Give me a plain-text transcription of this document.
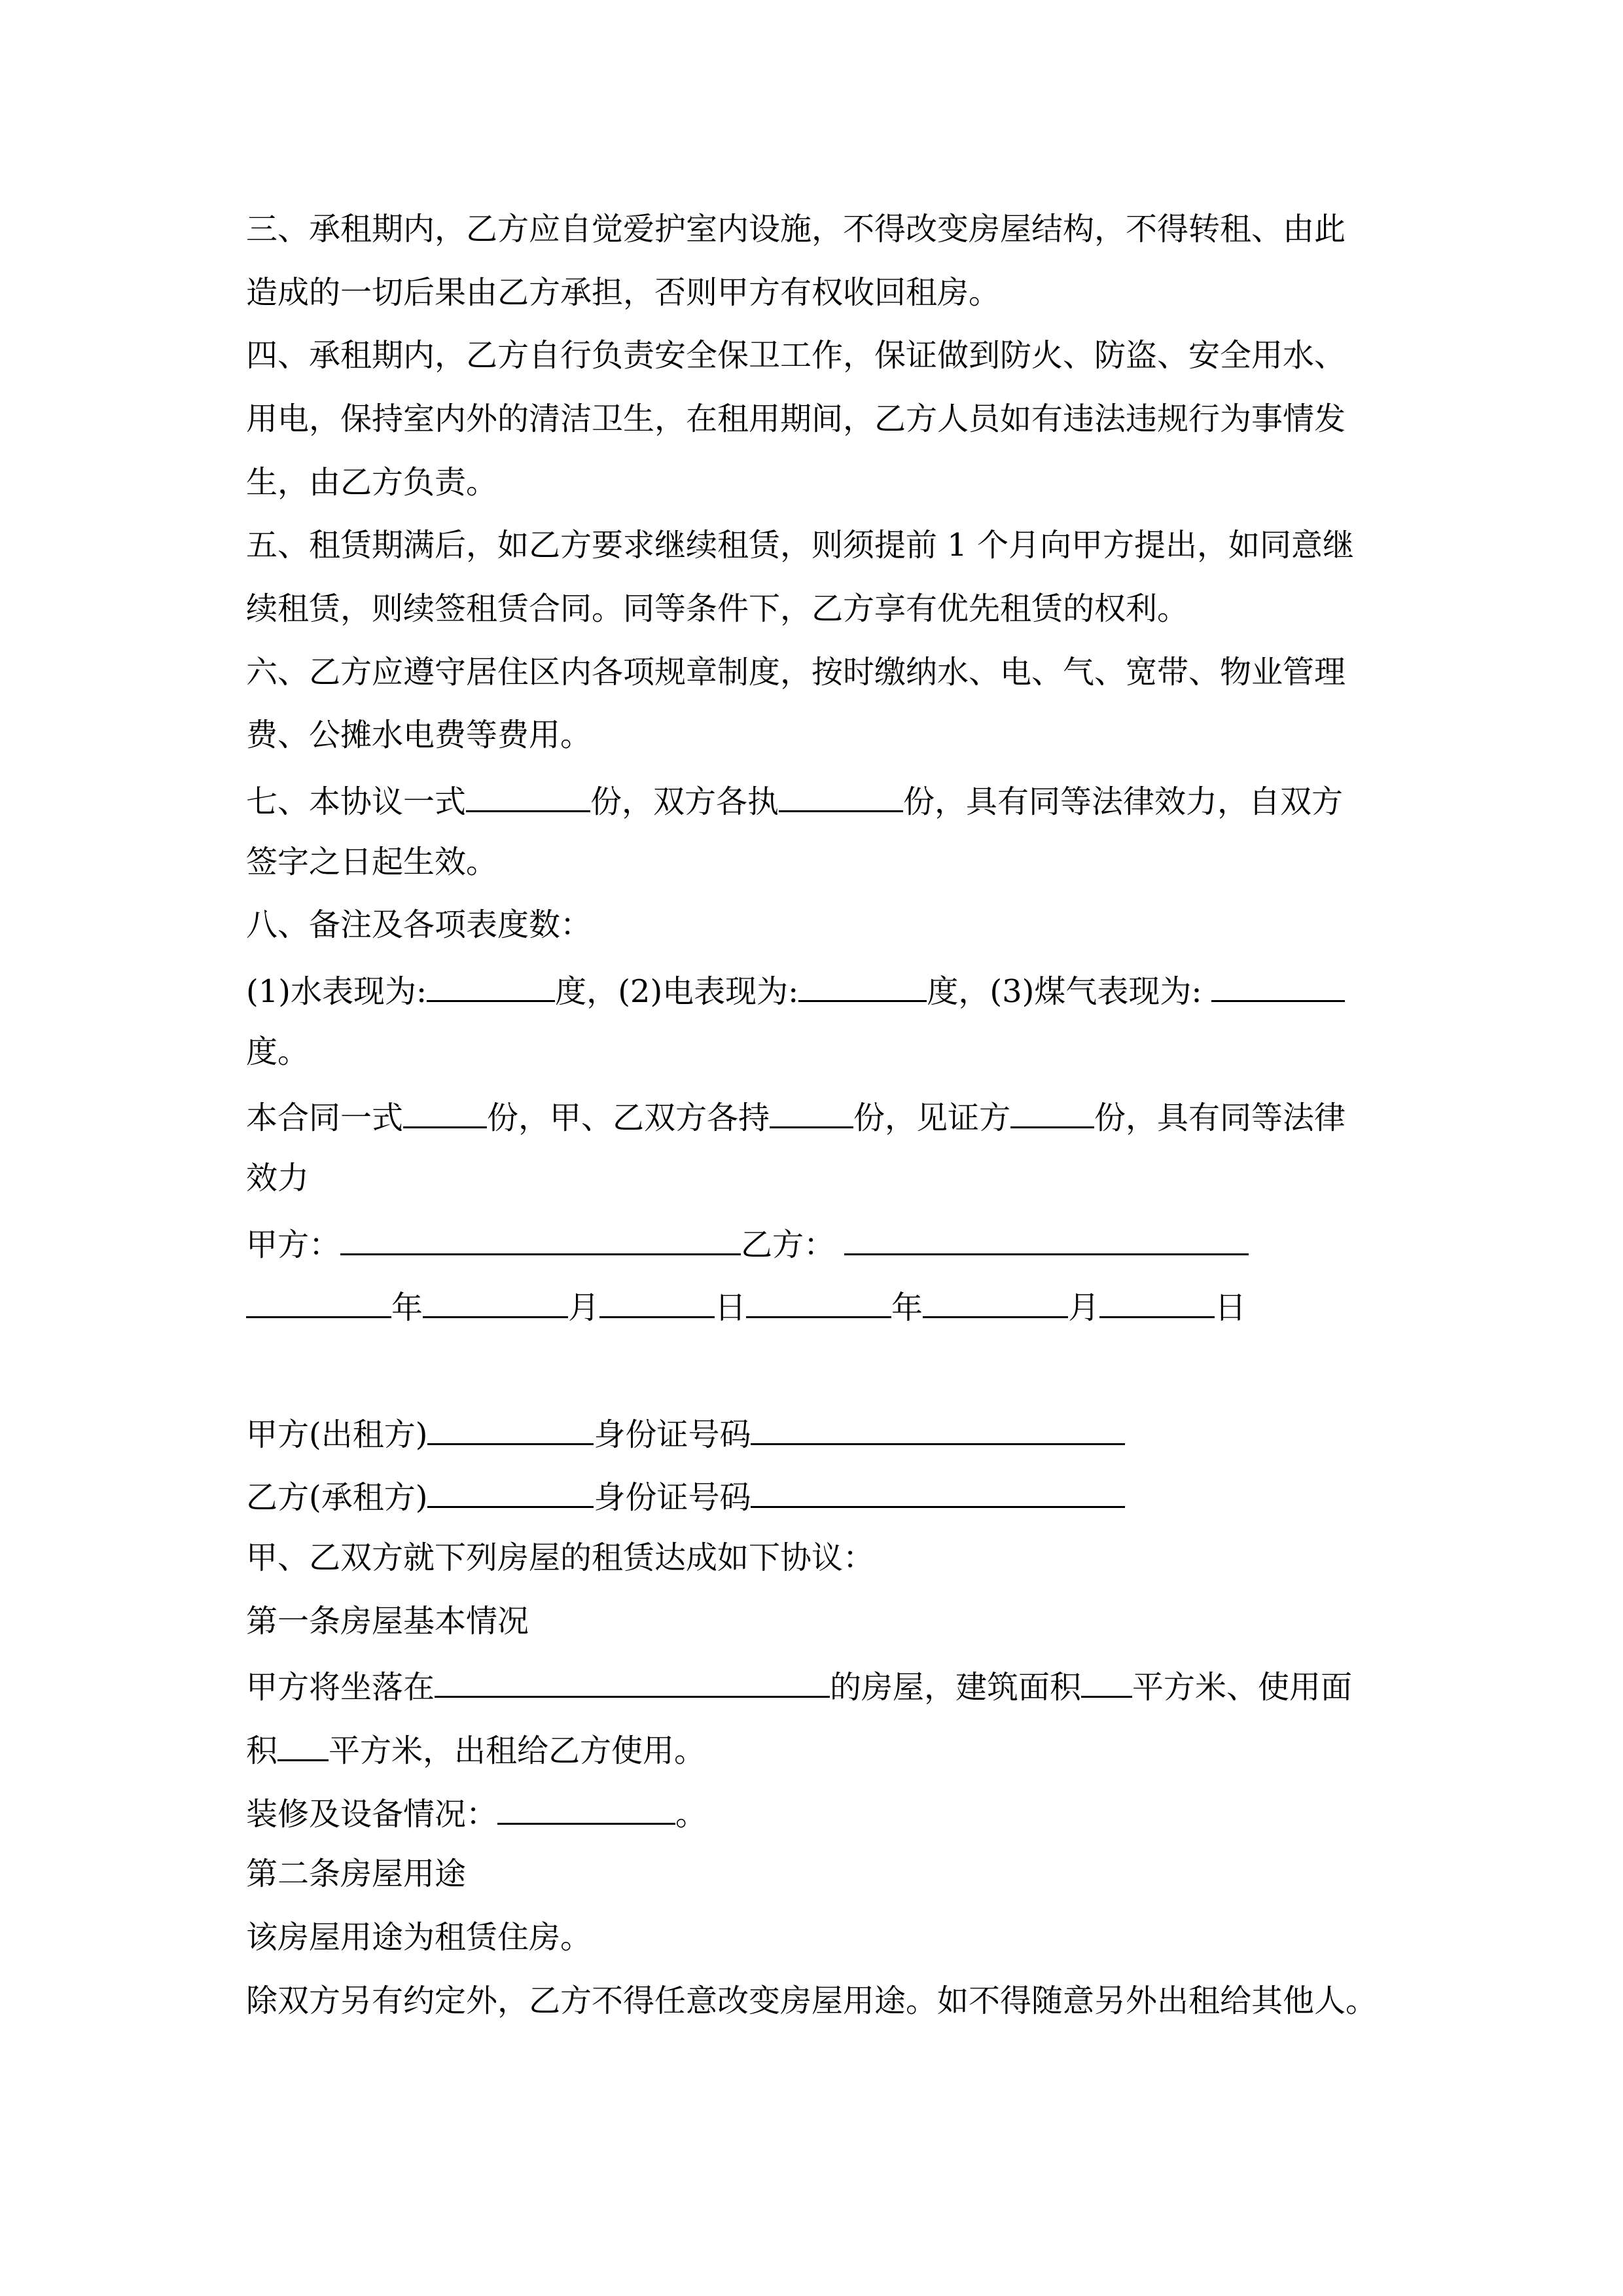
三、承租期内，乙方应自觉爱护室内设施，不得改变房屋结构，不得转租、由此
造成的一切后果由乙方承担，否则甲方有权收回租房。
四、承租期内，乙方自行负责安全保卫工作，保证做到防火、防盗、安全用水、
用电，保持室内外的清洁卫生，在租用期间，乙方人员如有违法违规行为事情发
生，由乙方负责。
五、租赁期满后，如乙方要求继续租赁，则须提前 1 个月向甲方提出，如同意继
续租赁，则续签租赁合同。同等条件下，乙方享有优先租赁的权利。
六、乙方应遵守居住区内各项规章制度，按时缴纳水、电、气、宽带、物业管理
费、公摊水电费等费用。
七、本协议一式	份，双方各执	份，具有同等法律效力，自双方
签字之日起生效。
八、备注及各项表度数：
(1)水表现为:	度，(2)电表现为:	度，(3)煤气表现为:
度。
本合同一式	份，甲、乙双方各持	份，见证方	份，具有同等法律
效力
甲方：	乙方：
年	月	日	年	月	日
甲方(出租方)	身份证号码
乙方(承租方)	身份证号码
甲、乙双方就下列房屋的租赁达成如下协议：
第一条房屋基本情况
甲方将坐落在	的房屋，建筑面积 平方米、使用面
积 平方米，出租给乙方使用。
装修及设备情况：	。
第二条房屋用途
该房屋用途为租赁住房。
除双方另有约定外，乙方不得任意改变房屋用途。如不得随意另外出租给其他人。
